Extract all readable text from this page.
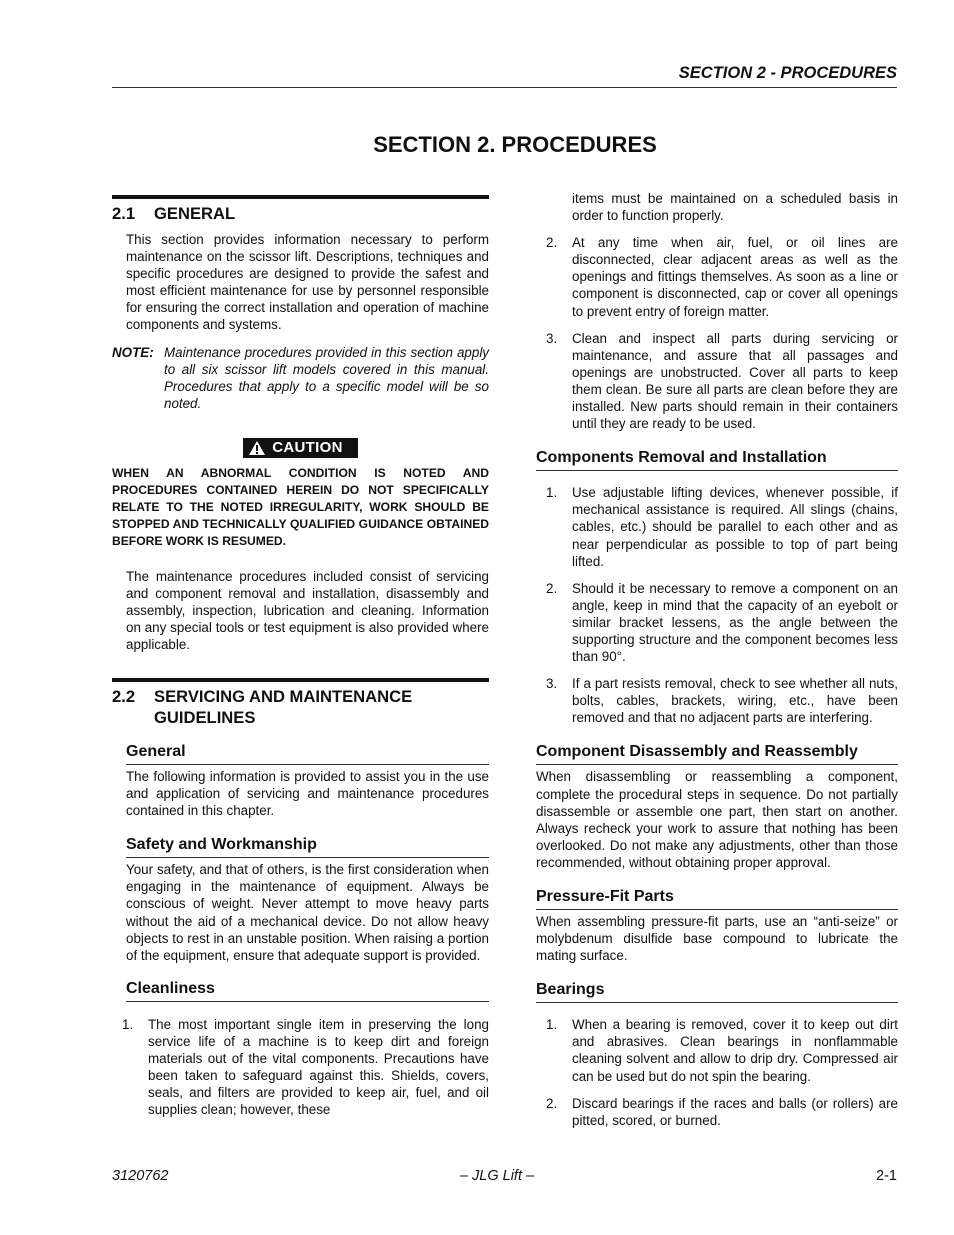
SECTION 2 - PROCEDURES
SECTION 2. PROCEDURES
2.1	GENERAL

This section provides information necessary to perform maintenance on the scissor lift. Descriptions, techniques and specific procedures are designed to provide the safest and most efficient maintenance for use by personnel responsible for ensuring the correct installation and operation of machine components and systems.

NOTE: Maintenance procedures provided in this section apply to all six scissor lift models covered in this manual. Procedures that apply to a specific model will be so noted.
CAUTION
WHEN AN ABNORMAL CONDITION IS NOTED AND PROCEDURES CONTAINED HEREIN DO NOT SPECIFICALLY RELATE TO THE NOTED IRREGULARITY, WORK SHOULD BE STOPPED AND TECHNICALLY QUALIFIED GUIDANCE OBTAINED BEFORE WORK IS RESUMED.

The maintenance procedures included consist of servicing and component removal and installation, disassembly and assembly, inspection, lubrication and cleaning. Information on any special tools or test equipment is also provided where applicable.

2.2	SERVICING AND MAINTENANCE GUIDELINES
General

The following information is provided to assist you in the use and application of servicing and maintenance procedures contained in this chapter.

Safety and Workmanship

Your safety, and that of others, is the first consideration when engaging in the maintenance of equipment. Always be conscious of weight. Never attempt to move heavy parts without the aid of a mechanical device. Do not allow heavy objects to rest in an unstable position. When raising a portion of the equipment, ensure that adequate support is provided.

Cleanliness
1.	The most important single item in preserving the long service life of a machine is to keep dirt and foreign materials out of the vital components. Precautions have been taken to safeguard against this. Shields, covers, seals, and filters are provided to keep air, fuel, and oil supplies clean; however, these
items must be maintained on a scheduled basis in order to function properly.
2.	At any time when air, fuel, or oil lines are disconnected, clear adjacent areas as well as the openings and fittings themselves. As soon as a line or component is disconnected, cap or cover all openings to prevent entry of foreign matter.
3.	Clean and inspect all parts during servicing or maintenance, and assure that all passages and openings are unobstructed. Cover all parts to keep them clean. Be sure all parts are clean before they are installed. New parts should remain in their containers until they are ready to be used.
Components Removal and Installation
1.	Use adjustable lifting devices, whenever possible, if mechanical assistance is required. All slings (chains, cables, etc.) should be parallel to each other and as near perpendicular as possible to top of part being lifted.
2.	Should it be necessary to remove a component on an angle, keep in mind that the capacity of an eyebolt or similar bracket lessens, as the angle between the supporting structure and the component becomes less than 90°.
3.	If a part resists removal, check to see whether all nuts, bolts, cables, brackets, wiring, etc., have been removed and that no adjacent parts are interfering.
Component Disassembly and Reassembly

When disassembling or reassembling a component, complete the procedural steps in sequence. Do not partially disassemble or assemble one part, then start on another. Always recheck your work to assure that nothing has been overlooked. Do not make any adjustments, other than those recommended, without obtaining proper approval.

Pressure-Fit Parts

When assembling pressure-fit parts, use an “anti-seize” or molybdenum disulfide base compound to lubricate the mating surface.

Bearings
1.	When a bearing is removed, cover it to keep out dirt and abrasives. Clean bearings in nonflammable cleaning solvent and allow to drip dry. Compressed air can be used but do not spin the bearing.
2.	Discard bearings if the races and balls (or rollers) are pitted, scored, or burned.
3120762	– JLG Lift –	2-1
